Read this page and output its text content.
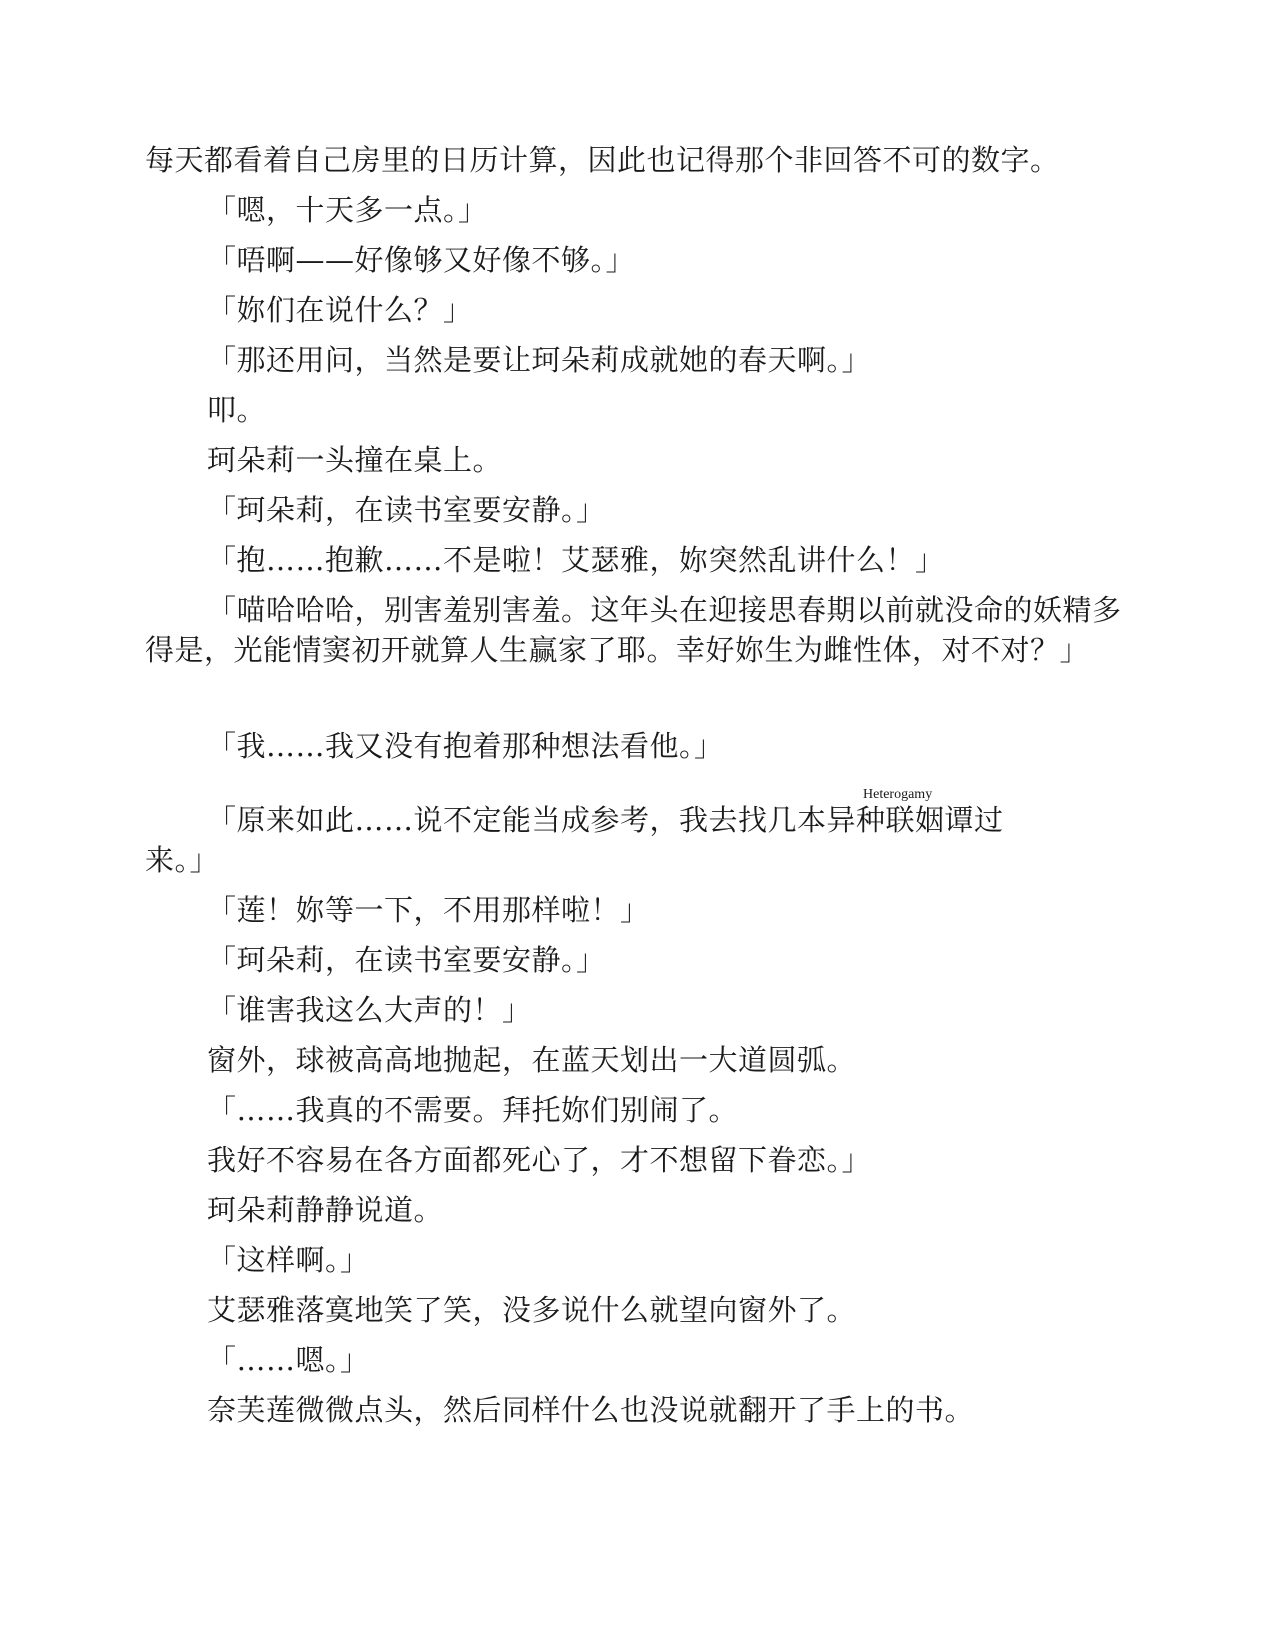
每天都看着自己房里的日历计算，因此也记得那个非回答不可的数字。

「嗯，十天多一点。」

「唔啊——好像够又好像不够。」

「妳们在说什么？」

「那还用问，当然是要让珂朵莉成就她的春天啊。」

叩。

珂朵莉一头撞在桌上。

「珂朵莉，在读书室要安静。」

「抱……抱歉……不是啦！艾瑟雅，妳突然乱讲什么！」

「喵哈哈哈，别害羞别害羞。这年头在迎接思春期以前就没命的妖精多得是，光能情窦初开就算人生赢家了耶。幸好妳生为雌性体，对不对？」

「我……我又没有抱着那种想法看他。」

Heterogamy

「原来如此……说不定能当成参考，我去找几本异种联姻谭过来。」

「莲！妳等一下，不用那样啦！」

「珂朵莉，在读书室要安静。」

「谁害我这么大声的！」

窗外，球被高高地抛起，在蓝天划出一大道圆弧。

「……我真的不需要。拜托妳们别闹了。

我好不容易在各方面都死心了，才不想留下眷恋。」

珂朵莉静静说道。

「这样啊。」

艾瑟雅落寞地笑了笑，没多说什么就望向窗外了。

「……嗯。」

奈芙莲微微点头，然后同样什么也没说就翻开了手上的书。
